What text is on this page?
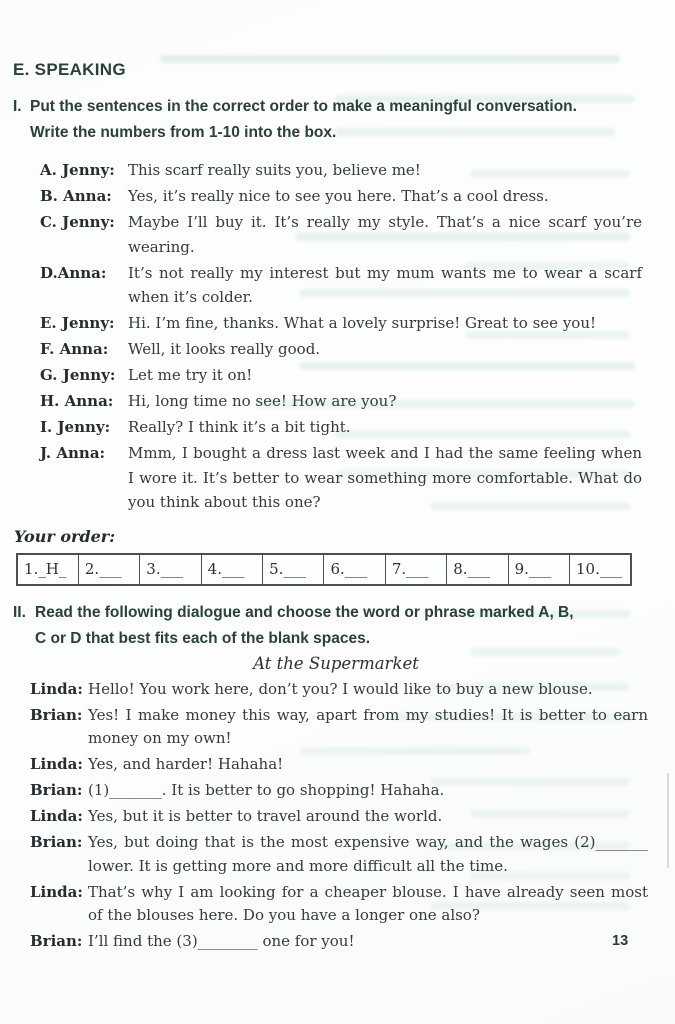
E. SPEAKING
I. Put the sentences in the correct order to make a meaningful conversation.
Write the numbers from 1-10 into the box.
A. Jenny: This scarf really suits you, believe me!
B. Anna: Yes, it’s really nice to see you here. That’s a cool dress.
C. Jenny: Maybe I’ll buy it. It’s really my style. That’s a nice scarf you’re wearing.
D.Anna: It’s not really my interest but my mum wants me to wear a scarf when it’s colder.
E. Jenny: Hi. I’m fine, thanks. What a lovely surprise! Great to see you!
F. Anna: Well, it looks really good.
G. Jenny: Let me try it on!
H. Anna: Hi, long time no see! How are you?
I. Jenny: Really? I think it’s a bit tight.
J. Anna: Mmm, I bought a dress last week and I had the same feeling when I wore it. It’s better to wear something more comfortable. What do you think about this one?
Your order:
1._H_	2.___	3.___	4.___	5.___	6.___	7.___	8.___	9.___	10.___
II. Read the following dialogue and choose the word or phrase marked A, B,
C or D that best fits each of the blank spaces.
At the Supermarket
Linda: Hello! You work here, don’t you? I would like to buy a new blouse.
Brian: Yes! I make money this way, apart from my studies! It is better to earn money on my own!
Linda: Yes, and harder! Hahaha!
Brian: (1)_______. It is better to go shopping! Hahaha.
Linda: Yes, but it is better to travel around the world.
Brian: Yes, but doing that is the most expensive way, and the wages (2)_______ lower. It is getting more and more difficult all the time.
Linda: That’s why I am looking for a cheaper blouse. I have already seen most of the blouses here. Do you have a longer one also?
Brian: I’ll find the (3)________ one for you!	13
